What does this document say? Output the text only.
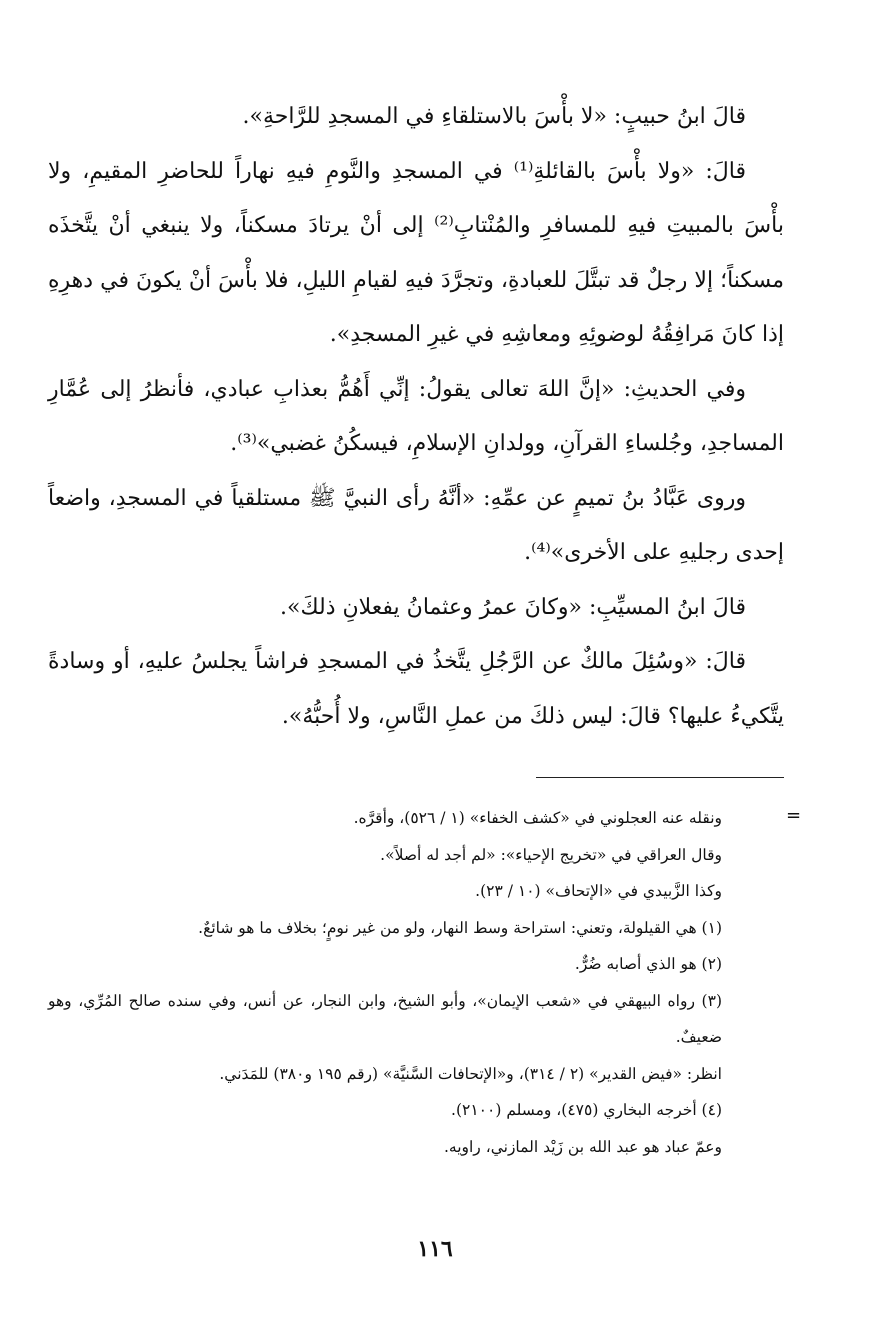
قالَ ابنُ حبيبٍ: «لا بأْسَ بالاستلقاءِ في المسجدِ للرَّاحةِ».

قالَ: «ولا بأْسَ بالقائلةِ⁽¹⁾ في المسجدِ والنَّومِ فيهِ نهاراً للحاضرِ المقيمِ، ولا بأْسَ بالمبيتِ فيهِ للمسافرِ والمُنْتابِ⁽²⁾ إلى أنْ يرتادَ مسكناً، ولا ينبغي أنْ يتَّخذَه مسكناً؛ إلا رجلٌ قد تبتَّلَ للعبادةِ، وتجرَّدَ فيهِ لقيامِ الليلِ، فلا بأْسَ أنْ يكونَ في دهرِهِ إذا كانَ مَرافِقُهُ لوضوئِهِ ومعاشِهِ في غيرِ المسجدِ».

وفي الحديثِ: «إنَّ اللهَ تعالى يقولُ: إنِّي أَهُمُّ بعذابِ عبادي، فأنظرُ إلى عُمَّارِ المساجدِ، وجُلساءِ القرآنِ، وولدانِ الإسلامِ، فيسكُنُ غضبي»⁽³⁾.

وروى عَبَّادُ بنُ تميمٍ عن عمِّهِ: «أنَّهُ رأى النبيَّ ﷺ مستلقياً في المسجدِ، واضعاً إحدى رجليهِ على الأخرى»⁽⁴⁾.

قالَ ابنُ المسيِّبِ: «وكانَ عمرُ وعثمانُ يفعلانِ ذلكَ».

قالَ: «وسُئِلَ مالكٌ عن الرَّجُلِ يتَّخذُ في المسجدِ فراشاً يجلسُ عليهِ، أو وسادةً يتَّكيءُ عليها؟ قالَ: ليس ذلكَ من عملِ النَّاسِ، ولا أُحبُّهُ».

=

ونقله عنه العجلوني في «كشف الخفاء» (١ / ٥٢٦)، وأقرَّه.

وقال العراقي في «تخريج الإحياء»: «لم أجد له أصلاً».

وكذا الزَّبيدي في «الإتحاف» (١٠ / ٢٣).

(١) هي القيلولة، وتعني: استراحة وسط النهار، ولو من غير نومٍ؛ بخلاف ما هو شائعٌ.

(٢) هو الذي أصابه ضُرٌّ.

(٣) رواه البيهقي في «شعب الإيمان»، وأبو الشيخ، وابن النجار، عن أنس، وفي سنده صالح المُرِّي، وهو ضعيفٌ.

انظر: «فيض القدير» (٢ / ٣١٤)، و«الإتحافات السَّنيَّة» (رقم ١٩٥ و٣٨٠) للمَدَني.

(٤) أخرجه البخاري (٤٧٥)، ومسلم (٢١٠٠).

وعمّ عباد هو عبد الله بن زَيْد المازني، راويه.

١١٦
